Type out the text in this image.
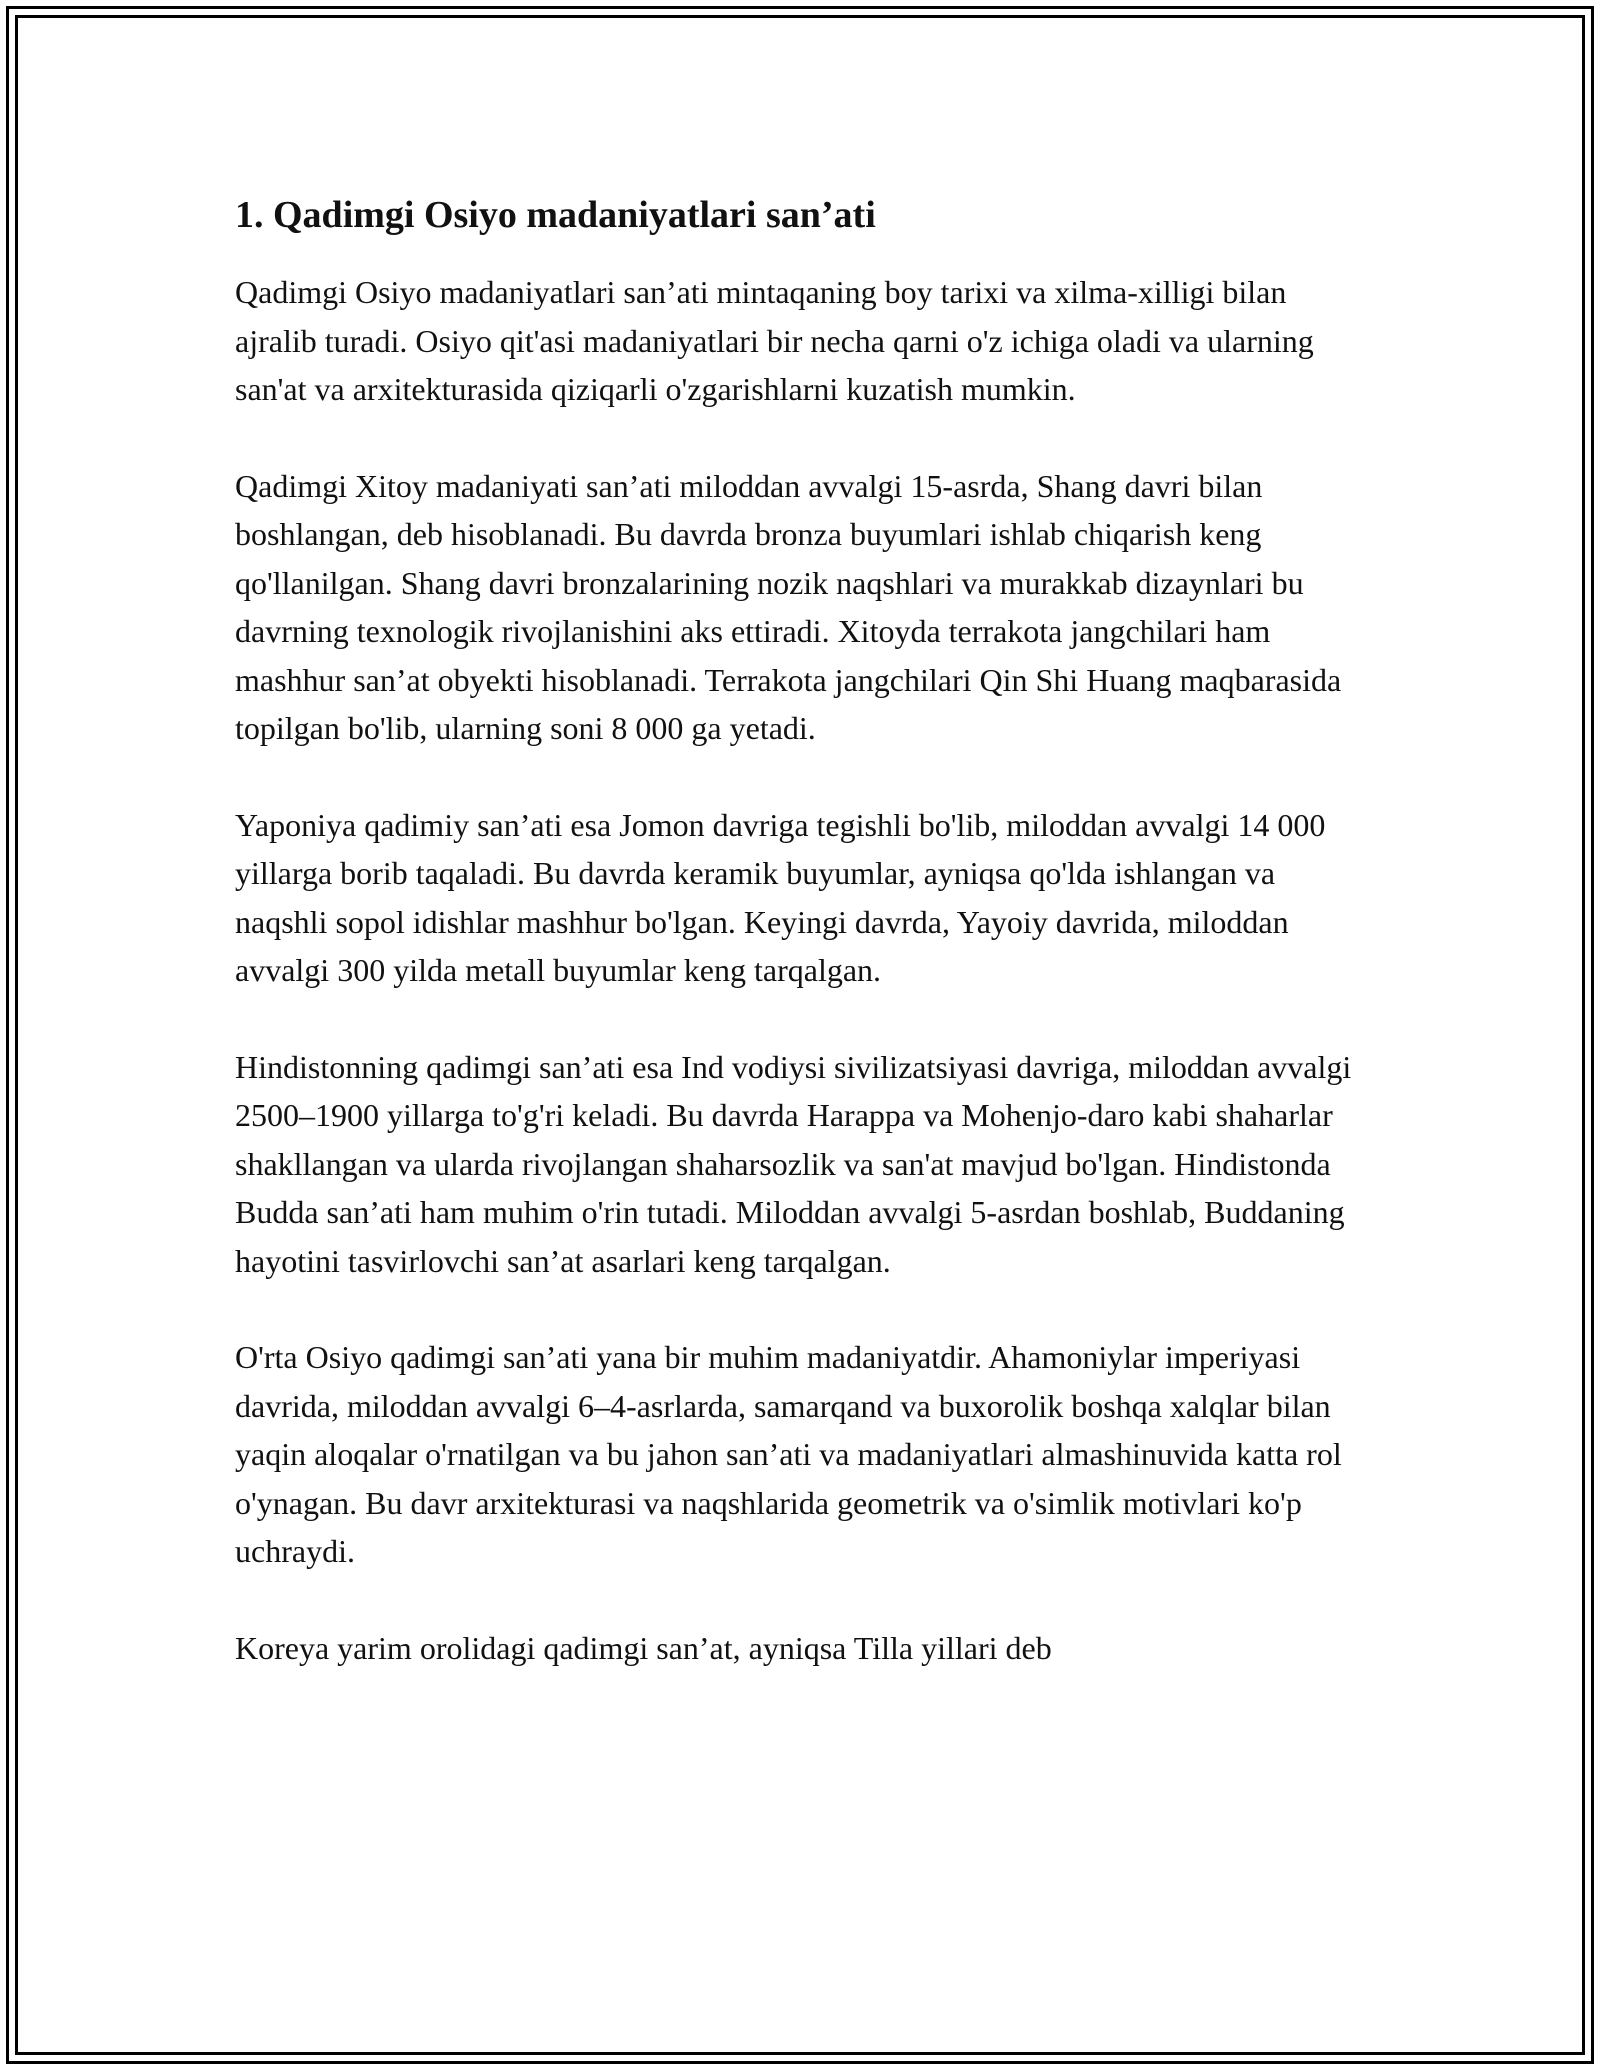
1. Qadimgi Osiyo madaniyatlari san’ati

Qadimgi Osiyo madaniyatlari san’ati mintaqaning boy tarixi va xilma-xilligi bilan ajralib turadi. Osiyo qit'asi madaniyatlari bir necha qarni o'z ichiga oladi va ularning san'at va arxitekturasida qiziqarli o'zgarishlarni kuzatish mumkin.

Qadimgi Xitoy madaniyati san’ati miloddan avvalgi 15-asrda, Shang davri bilan boshlangan, deb hisoblanadi. Bu davrda bronza buyumlari ishlab chiqarish keng qo'llanilgan. Shang davri bronzalarining nozik naqshlari va murakkab dizaynlari bu davrning texnologik rivojlanishini aks ettiradi. Xitoyda terrakota jangchilari ham mashhur san’at obyekti hisoblanadi. Terrakota jangchilari Qin Shi Huang maqbarasida topilgan bo'lib, ularning soni 8 000 ga yetadi.

Yaponiya qadimiy san’ati esa Jomon davriga tegishli bo'lib, miloddan avvalgi 14 000 yillarga borib taqaladi. Bu davrda keramik buyumlar, ayniqsa qo'lda ishlangan va naqshli sopol idishlar mashhur bo'lgan. Keyingi davrda, Yayoiy davrida, miloddan avvalgi 300 yilda metall buyumlar keng tarqalgan.

Hindistonning qadimgi san’ati esa Ind vodiysi sivilizatsiyasi davriga, miloddan avvalgi 2500–1900 yillarga to'g'ri keladi. Bu davrda Harappa va Mohenjo-daro kabi shaharlar shakllangan va ularda rivojlangan shaharsozlik va san'at mavjud bo'lgan. Hindistonda Budda san’ati ham muhim o'rin tutadi. Miloddan avvalgi 5-asrdan boshlab, Buddaning hayotini tasvirlovchi san’at asarlari keng tarqalgan.

O'rta Osiyo qadimgi san’ati yana bir muhim madaniyatdir. Ahamoniylar imperiyasi davrida, miloddan avvalgi 6–4-asrlarda, samarqand va buxorolik boshqa xalqlar bilan yaqin aloqalar o'rnatilgan va bu jahon san’ati va madaniyatlari almashinuvida katta rol o'ynagan. Bu davr arxitekturasi va naqshlarida geometrik va o'simlik motivlari ko'p uchraydi.

Koreya yarim orolidagi qadimgi san’at, ayniqsa Tilla yillari deb
